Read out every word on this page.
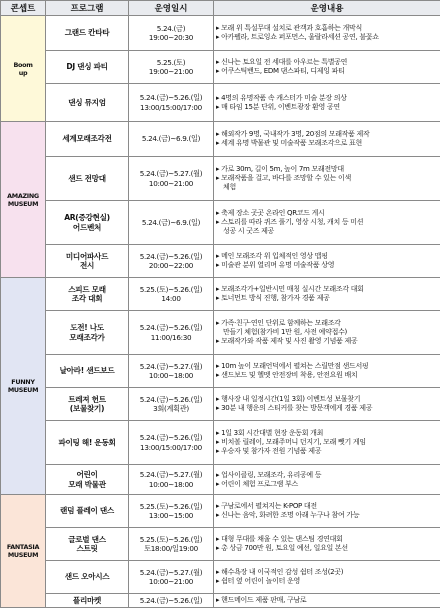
콘셉트	프로그램	운영일시	운영내용

Boom
up	그랜드 칸타타	5.24.(금)
19:00~20:30	▸ 모래 위 특설무대 설치로 관객과 호흡하는 개막식
▸ 아카펠라, 트로잉쇼 퍼포먼스, 울랄라세션 공연, 불꽃쇼

	DJ 댄싱 파티	5.25.(토)
19:00~21:00	▸ 신나는 토요일 전 세대를 아우르는 특별공연
▸ 어쿠스틱밴드, EDM 댄스파티, 디제잉 파티

	댄싱 뮤지엄	5.24.(금)~5.26.(일)
13:00/15:00/17:00	▸ 4명의 유명작품 속 캐스터가 미술 분장 의상
▸ 매 타임 15분 단위, 이벤트광장 환영 공연

AMAZING
MUSEUM	세계모래조각전	5.24.(금)~6.9.(일)	▸ 해외작가 9명, 국내작가 3명, 20점의 모래작품 제작
▸ 세계 유명 박물관 및 미술작품 모래조각으로 표현

	샌드 전망대	5.24.(금)~5.27.(월)
10:00~21:00	▸ 가로 30m, 길이 5m, 높이 7m 모래전망대
▸ 모래작품을 걸고, 바다를 조망할 수 있는 이색
체험

	AR(증강현실)
어드벤처	5.24.(금)~6.9.(일)	▸ 축제 장소 곳곳 온라인 QR코드 게시
▸ 스토리를 따라 퀴즈 풀기, 영상 시청, 캐치 등 미션
성공 시 굿즈 제공

	미디어파사드
전시	5.24.(금)~5.26.(일)
20:00~22:00	▸ 메인 모래조각 위 입체적인 영상 맵핑
▸ 미술관 분위 열리며 유명 미술작품 상영

FUNNY
MUSEUM	스피드 모래
조각 대회	5.25.(토)~5.26.(일)
14:00	▸ 모래조각가+일반시민 매칭 실시간 모래조각 대회
▸ 토너먼트 방식 진행, 참가자 경품 제공

	도전! 나도
모래조각가	5.24.(금)~5.26.(일)
11:00/16:30	▸ 가족·친구·연인 단위로 함께하는 모래조각
만들기 체험(참가비 1만 원, 사전 예약접수)
▸ 모래작가와 작품 제작 및 사진 촬영 기념품 제공

	날아라! 샌드보드	5.24.(금)~5.27.(월)
10:00~18:00	▸ 10m 높이 모래언덕에서 펼쳐는 스릴만점 샌드서핑
▸ 샌드보드 및 헬멧 안전장비 착용, 안전요원 배치

	트레져 헌트
(보물찾기)	5.24.(금)~5.26.(일)
3회(계획관)	▸ 행사장 내 일정시간(1일 3회) 이벤트성 보물찾기
▸ 30분 내 행운의 스티커를 찾는 방문객에게 경품 제공

	파이팅 해! 운동회	5.24.(금)~5.26.(일)
13:00/15:00/17:00	▸ 1일 3회 시간대별 현장 운동회 개최
▸ 비치볼 릴레이, 모래주머니 던지기, 모래 뺏기 게임
▸ 우승자 및 참가자 전원 기념품 제공

	어린이
모래 박물관	5.24.(금)~5.27.(월)
10:00~18:00	▸ 업사이클링, 모래조각, 유리공예 등
▸ 어린이 체험 프로그램 부스

FANTASIA
MUSEUM	랜덤 플레이 댄스	5.25.(토)~5.26.(일)
13:00~15:00	▸ 구남로에서 펼쳐지는 K-POP 대전
▸ 신나는 음악, 화려한 조명 아래 누구나 참여 가능

	글로벌 댄스
스트릿	5.25.(토)~5.26.(일)
토18:00/일19:00	▸ 대형 무대를 채울 수 있는 댄스팀 경연대회
▸ 총 상금 700만 원, 토요일 예선, 일요일 본선

	샌드 오아시스	5.24.(금)~5.27.(월)
10:00~21:00	▸ 해수욕장 내 이국적인 감성 쉼터 조성(2곳)
▸ 쉼터 옆 어린이 놀이터 운영

	플리마켓	5.24.(금)~5.26.(일)	▸ 핸드메이드 제품 판매, 구남로
